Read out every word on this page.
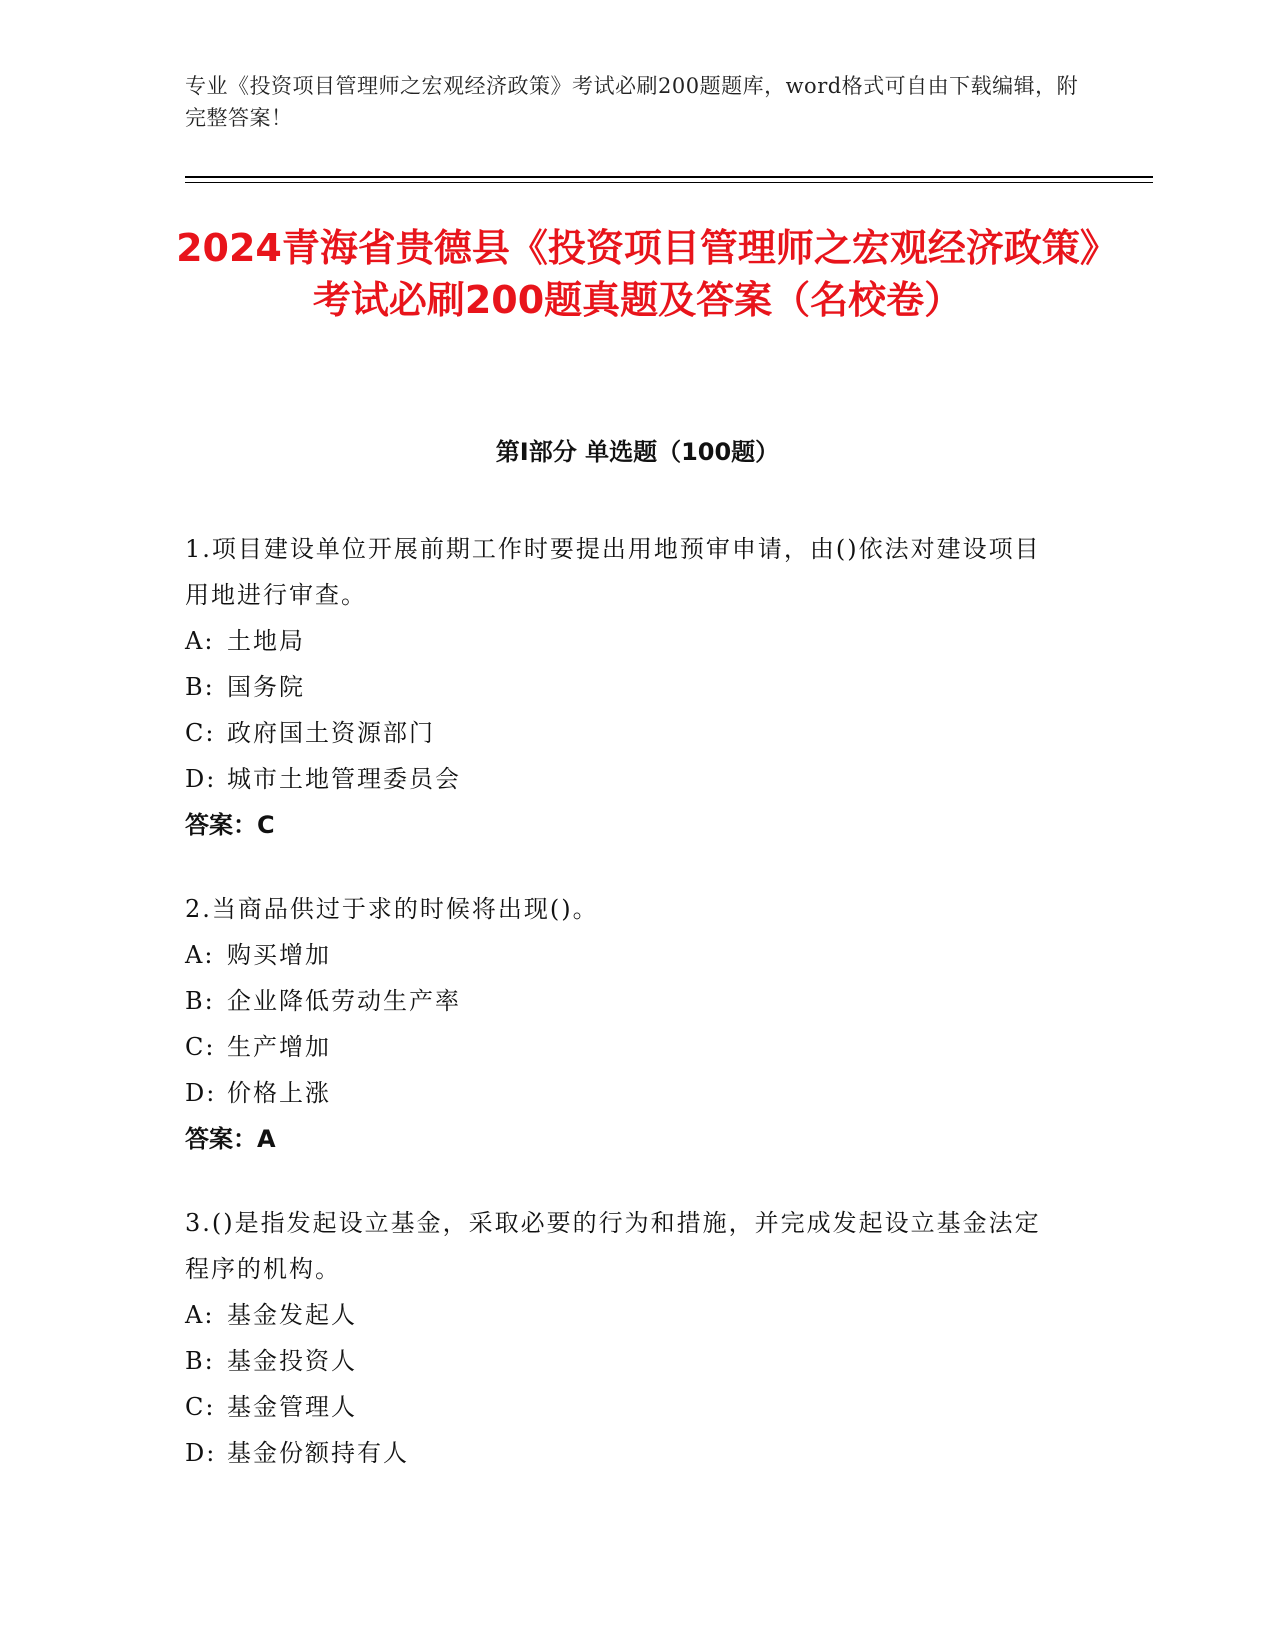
专业《投资项目管理师之宏观经济政策》考试必刷200题题库，word格式可自由下载编辑，附完整答案！
2024青海省贵德县《投资项目管理师之宏观经济政策》考试必刷200题真题及答案（名校卷）
第I部分 单选题（100题）

1.项目建设单位开展前期工作时要提出用地预审申请，由()依法对建设项目用地进行审查。

A: 土地局

B: 国务院

C: 政府国土资源部门

D: 城市土地管理委员会

答案：C

2.当商品供过于求的时候将出现()。

A: 购买增加

B: 企业降低劳动生产率

C: 生产增加

D: 价格上涨

答案：A

3.()是指发起设立基金，采取必要的行为和措施，并完成发起设立基金法定程序的机构。

A: 基金发起人

B: 基金投资人

C: 基金管理人

D: 基金份额持有人
